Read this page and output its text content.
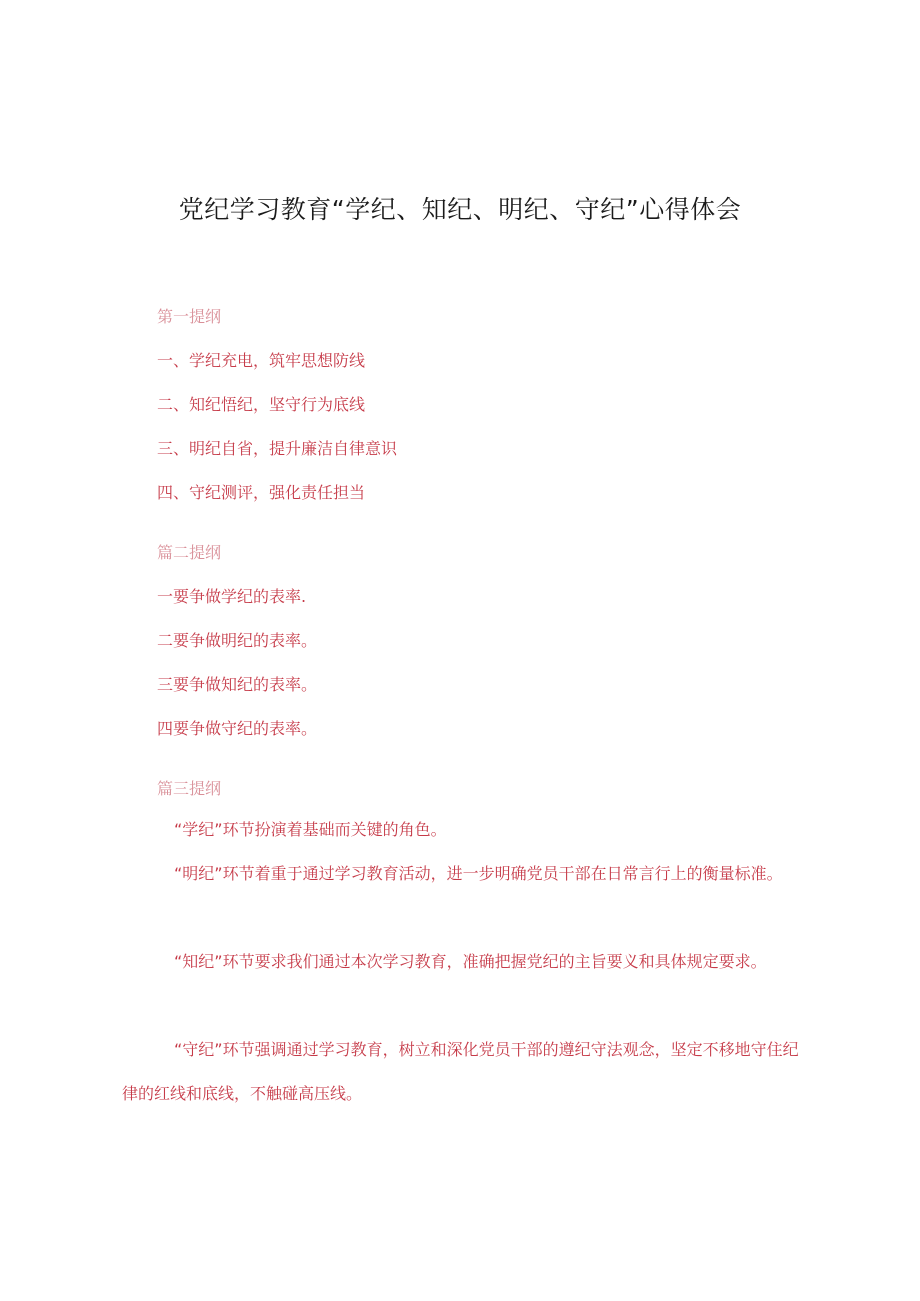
党纪学习教育“学纪、知纪、明纪、守纪”心得体会

第一提纲

一、学纪充电，筑牢思想防线

二、知纪悟纪，坚守行为底线

三、明纪自省，提升廉洁自律意识

四、守纪测评，强化责任担当

篇二提纲

一要争做学纪的表率.

二要争做明纪的表率。

三要争做知纪的表率。

四要争做守纪的表率。

篇三提纲

“学纪”环节扮演着基础而关键的角色。

“明纪”环节着重于通过学习教育活动，进一步明确党员干部在日常言行上的衡量标准。

“知纪”环节要求我们通过本次学习教育，准确把握党纪的主旨要义和具体规定要求。

“守纪”环节强调通过学习教育，树立和深化党员干部的遵纪守法观念，坚定不移地守住纪律的红线和底线，不触碰高压线。
